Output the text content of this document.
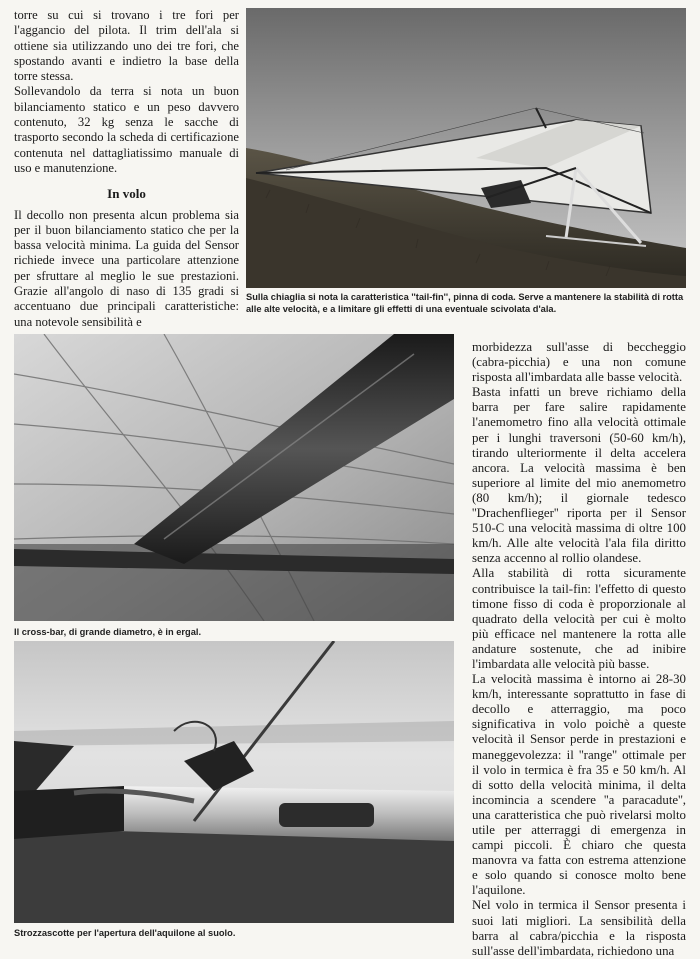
torre su cui si trovano i tre fori per l'aggancio del pilota. Il trim dell'ala si ottiene sia utilizzando uno dei tre fori, che spostando avanti e indietro la base della torre stessa.

Sollevandolo da terra si nota un buon bilanciamento statico e un peso davvero contenuto, 32 kg senza le sacche di trasporto secondo la scheda di certificazione contenuta nel dattagliatissimo manuale di uso e manutenzione.

In volo

Il decollo non presenta alcun problema sia per il buon bilanciamento statico che per la bassa velocità minima. La guida del Sensor richiede invece una particolare attenzione per sfruttare al meglio le sue prestazioni. Grazie all'angolo di naso di 135 gradi si accentuano due principali caratteristiche: una notevole sensibilità e

Sulla chiaglia si nota la caratteristica ''tail-fin'', pinna di coda. Serve a mantenere la stabilità di rotta alle alte velocità, e a limitare gli effetti di una eventuale scivolata d'ala.
Il cross-bar, di grande diametro, è in ergal.
Strozzascotte per l'apertura dell'aquilone al suolo.

morbidezza sull'asse di beccheggio (cabra-picchia) e una non comune risposta all'imbardata alle basse velocità.

Basta infatti un breve richiamo della barra per fare salire rapidamente l'anemometro fino alla velocità ottimale per i lunghi traversoni (50-60 km/h), tirando ulteriormente il delta accelera ancora. La velocità massima è ben superiore al limite del mio anemometro (80 km/h); il giornale tedesco ''Drachenflieger'' riporta per il Sensor 510-C una velocità massima di oltre 100 km/h. Alle alte velocità l'ala fila diritto senza accenno al rollio olandese.

Alla stabilità di rotta sicuramente contribuisce la tail-fin: l'effetto di questo timone fisso di coda è proporzionale al quadrato della velocità per cui è molto più efficace nel mantenere la rotta alle andature sostenute, che ad inibire l'imbardata alle velocità più basse.

La velocità massima è intorno ai 28-30 km/h, interessante soprattutto in fase di decollo e atterraggio, ma poco significativa in volo poichè a queste velocità il Sensor perde in prestazioni e maneggevolezza: il ''range'' ottimale per il volo in termica è fra 35 e 50 km/h. Al di sotto della velocità minima, il delta incomincia a scendere ''a paracadute'', una caratteristica che può rivelarsi molto utile per atterraggi di emergenza in campi piccoli. È chiaro che questa manovra va fatta con estrema attenzione e solo quando si conosce molto bene l'aquilone.

Nel volo in termica il Sensor presenta i suoi lati migliori. La sensibilità della barra al cabra/picchia e la risposta sull'asse dell'imbardata, richiedono una
